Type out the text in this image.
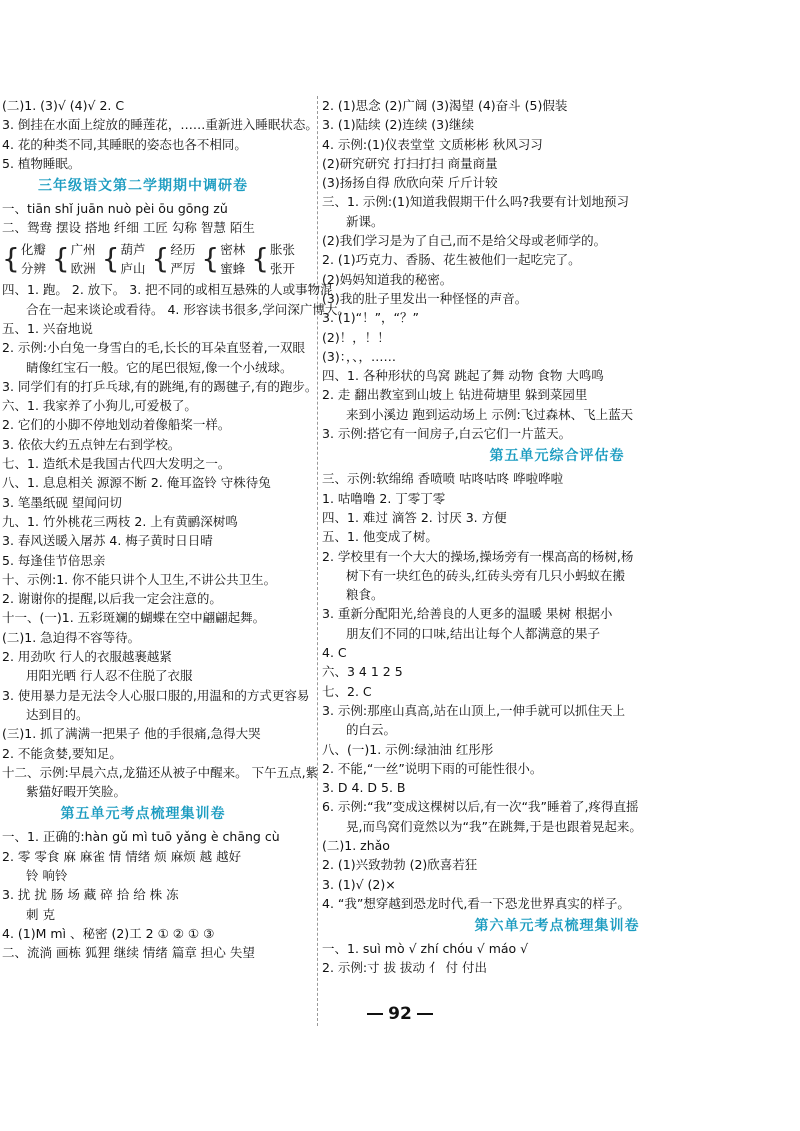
(二)1. (3)√ (4)√ 2. C
3. 倒挂在水面上绽放的睡莲花，……重新进入睡眠状态。
4. 花的种类不同,其睡眠的姿态也各不相同。
5. 植物睡眠。
三年级语文第二学期期中调研卷
一、tiān shǐ juān nuò pèi ōu gōng zǔ
二、鸳鸯 摆设 搭地 纤细 工匠 勾称 智慧 陌生
{ 化瓣
分辨 { 广州
欧洲 { 葫芦
庐山 { 经历
严厉 { 密林
蜜蜂 { 胀张
张开
四、1. 跑。 2. 放下。 3. 把不同的或相互悬殊的人或事物混
合在一起来谈论或看待。 4. 形容读书很多,学问深广博大。
五、1. 兴奋地说
2. 示例:小白兔一身雪白的毛,长长的耳朵直竖着,一双眼
睛像红宝石一般。它的尾巴很短,像一个小绒球。
3. 同学们有的打乒乓球,有的跳绳,有的踢毽子,有的跑步。
六、1. 我家养了小狗儿,可爱极了。
2. 它们的小脚不停地划动着像船桨一样。
3. 依依大约五点钟左右到学校。
七、1. 造纸术是我国古代四大发明之一。
八、1. 息息相关 源源不断 2. 俺耳盗铃 守株待兔
3. 笔墨纸砚 望闻问切
九、1. 竹外桃花三两枝 2. 上有黄鹂深树鸣
3. 春风送暖入屠苏 4. 梅子黄时日日晴
5. 每逢佳节倍思亲
十、示例:1. 你不能只讲个人卫生,不讲公共卫生。
2. 谢谢你的提醒,以后我一定会注意的。
十一、(一)1. 五彩斑斓的蝴蝶在空中翩翩起舞。
(二)1. 急迫得不容等待。
2. 用劲吹 行人的衣服越裹越紧
用阳光晒 行人忍不住脱了衣服
3. 使用暴力是无法令人心服口服的,用温和的方式更容易
达到目的。
(三)1. 抓了满满一把果子 他的手很痛,急得大哭
2. 不能贪婪,要知足。
十二、示例:早晨六点,龙猫还从被子中醒来。 下午五点,紫
紫猫好暇开笑脸。
第五单元考点梳理集训卷
一、1. 正确的:hàn gǔ mì tuō yǎng è chāng cù
2. 零 零食 麻 麻雀 情 情绪 烦 麻烦 越 越好
铃 响铃
3. 扰 扰 肠 场 藏 碎 拾 给 株 冻
刺 克
4. (1)M mì 、秘密 (2)工 2 ① ② ① ③
二、流淌 画栋 狐狸 继续 情绪 篇章 担心 失望
2. (1)思念 (2)广阔 (3)渴望 (4)奋斗 (5)假装
3. (1)陆续 (2)连续 (3)继续
4. 示例:(1)仪表堂堂 文质彬彬 秋风习习
(2)研究研究 打扫打扫 商量商量
(3)扬扬自得 欣欣向荣 斤斤计较
三、1. 示例:(1)知道我假期干什么吗?我要有计划地预习
新课。
(2)我们学习是为了自己,而不是给父母或老师学的。
2. (1)巧克力、香肠、花生被他们一起吃完了。
(2)妈妈知道我的秘密。
(3)我的肚子里发出一种怪怪的声音。
3. (1)“！”，“？”
(2)！，！！
(3)：，、，……
四、1. 各种形状的鸟窝 跳起了舞 动物 食物 大鸣鸣
2. 走 翻出教室到山坡上 钻进荷塘里 躲到菜园里
来到小溪边 跑到运动场上 示例:飞过森林、飞上蓝天
3. 示例:搭它有一间房子,白云它们一片蓝天。
第五单元综合评估卷
三、示例:软绵绵 香喷喷 咕咚咕咚 哗啦哗啦
1. 咕噜噜 2. 丁零丁零
四、1. 难过 滴答 2. 讨厌 3. 方便
五、1. 他变成了树。
2. 学校里有一个大大的操场,操场旁有一棵高高的杨树,杨
树下有一块红色的砖头,红砖头旁有几只小蚂蚁在搬
粮食。
3. 重新分配阳光,给善良的人更多的温暖 果树 根据小
朋友们不同的口味,结出让每个人都满意的果子
4. C
六、3 4 1 2 5
七、2. C
3. 示例:那座山真高,站在山顶上,一伸手就可以抓住天上
的白云。
八、(一)1. 示例:绿油油 红彤彤
2. 不能,“一丝”说明下雨的可能性很小。
3. D 4. D 5. B
6. 示例:“我”变成这棵树以后,有一次“我”睡着了,疼得直摇
晃,而鸟窝们竟然以为“我”在跳舞,于是也跟着晃起来。
(二)1. zhǎo
2. (1)兴致勃勃 (2)欣喜若狂
3. (1)√ (2)×
4. “我”想穿越到恐龙时代,看一下恐龙世界真实的样子。
第六单元考点梳理集训卷
一、1. suì mò √ zhí chóu √ máo √
2. 示例:寸 拔 拔动 亻 付 付出
92
